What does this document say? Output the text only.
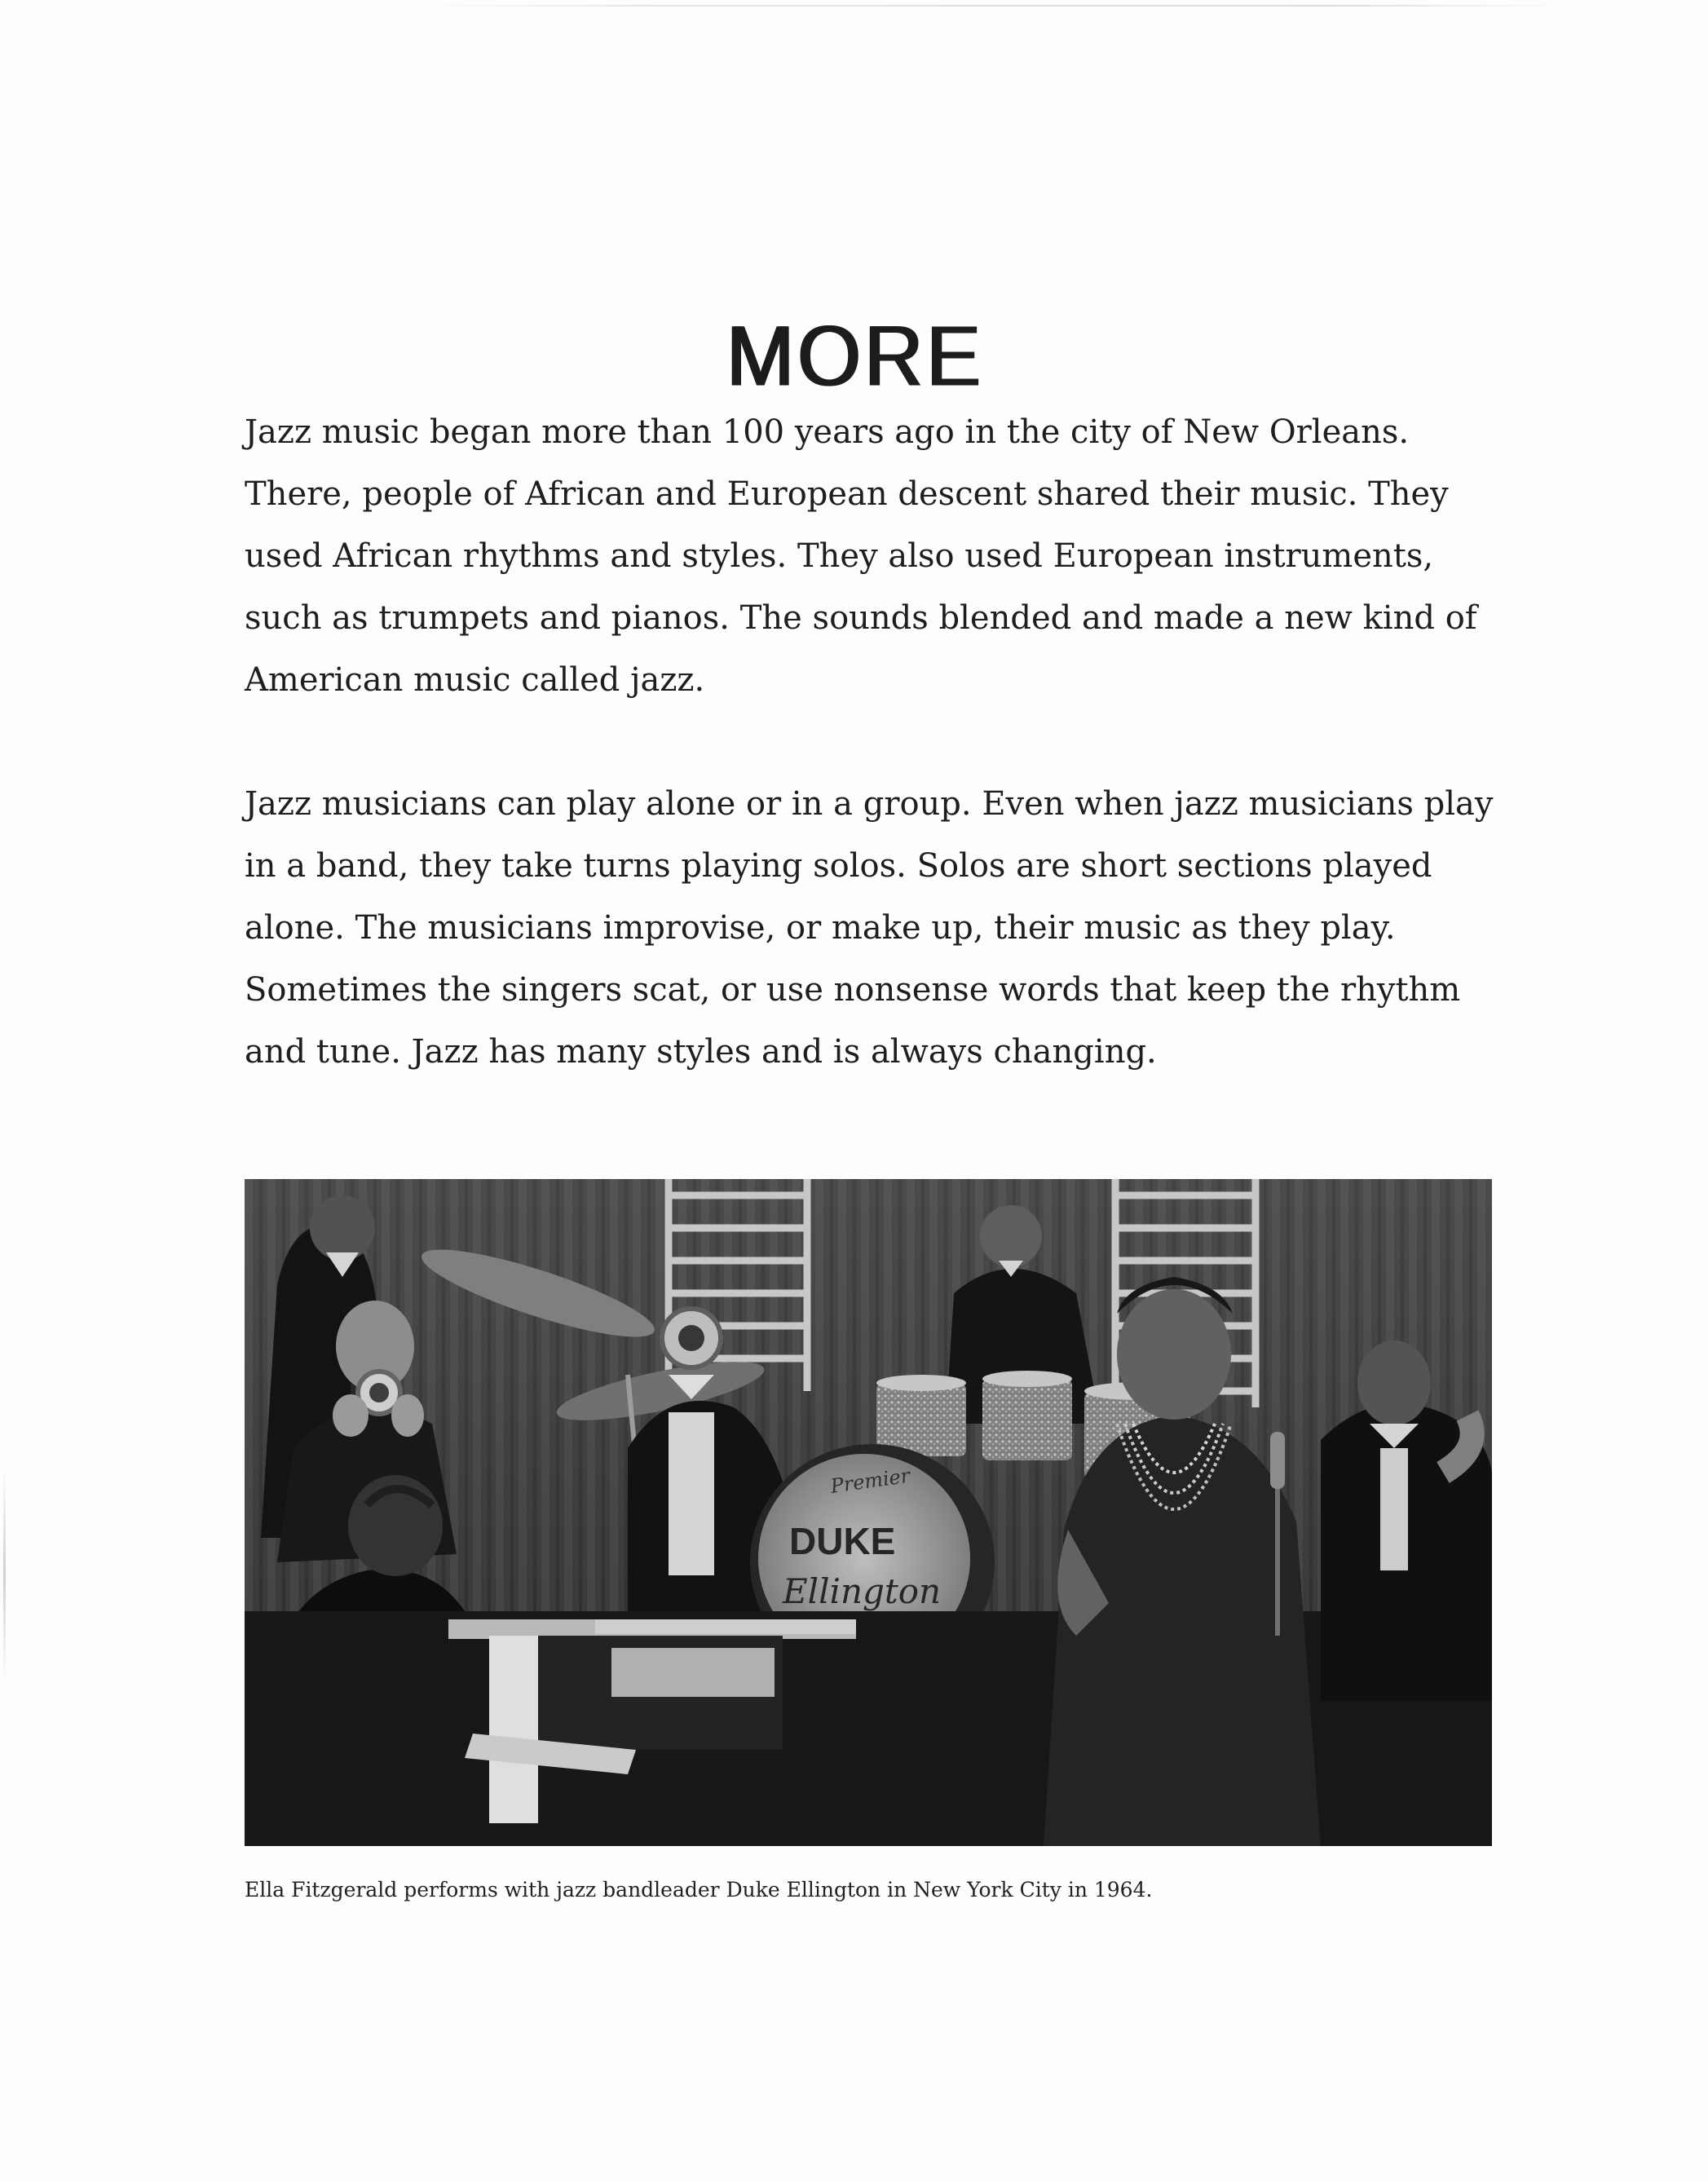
MORE

Jazz music began more than 100 years ago in the city of New Orleans. There, people of African and European descent shared their music. They used African rhythms and styles. They also used European instruments, such as trumpets and pianos. The sounds blended and made a new kind of American music called jazz.

Jazz musicians can play alone or in a group. Even when jazz musicians play in a band, they take turns playing solos. Solos are short sections played alone. The musicians improvise, or make up, their music as they play. Sometimes the singers scat, or use nonsense words that keep the rhythm and tune. Jazz has many styles and is always changing.

Premier
DUKE
Ellington

Ella Fitzgerald performs with jazz bandleader Duke Ellington in New York City in 1964.
